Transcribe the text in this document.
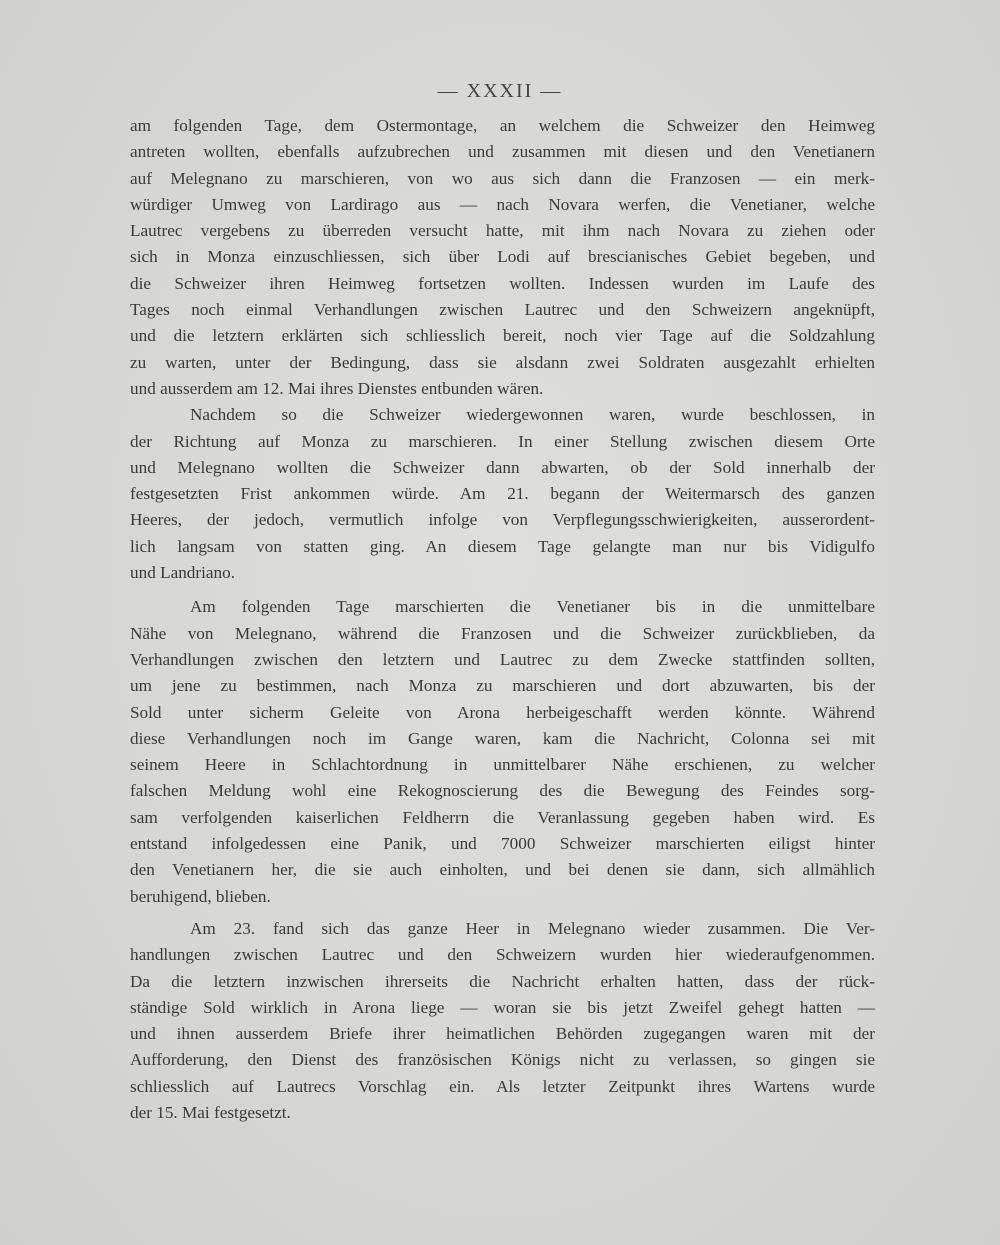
— XXXII —
am folgenden Tage, dem Ostermontage, an welchem die Schweizer den Heimweg
antreten wollten, ebenfalls aufzubrechen und zusammen mit diesen und den Venetianern
auf Melegnano zu marschieren, von wo aus sich dann die Franzosen — ein merk-
würdiger Umweg von Lardirago aus — nach Novara werfen, die Venetianer, welche
Lautrec vergebens zu überreden versucht hatte, mit ihm nach Novara zu ziehen oder
sich in Monza einzuschliessen, sich über Lodi auf brescianisches Gebiet begeben, und
die Schweizer ihren Heimweg fortsetzen wollten. Indessen wurden im Laufe des
Tages noch einmal Verhandlungen zwischen Lautrec und den Schweizern angeknüpft,
und die letztern erklärten sich schliesslich bereit, noch vier Tage auf die Soldzahlung
zu warten, unter der Bedingung, dass sie alsdann zwei Soldraten ausgezahlt erhielten
und ausserdem am 12. Mai ihres Dienstes entbunden wären.
Nachdem so die Schweizer wiedergewonnen waren, wurde beschlossen, in
der Richtung auf Monza zu marschieren. In einer Stellung zwischen diesem Orte
und Melegnano wollten die Schweizer dann abwarten, ob der Sold innerhalb der
festgesetzten Frist ankommen würde. Am 21. begann der Weitermarsch des ganzen
Heeres, der jedoch, vermutlich infolge von Verpflegungsschwierigkeiten, ausserordent-
lich langsam von statten ging. An diesem Tage gelangte man nur bis Vidigulfo
und Landriano.
Am folgenden Tage marschierten die Venetianer bis in die unmittelbare
Nähe von Melegnano, während die Franzosen und die Schweizer zurückblieben, da
Verhandlungen zwischen den letztern und Lautrec zu dem Zwecke stattfinden sollten,
um jene zu bestimmen, nach Monza zu marschieren und dort abzuwarten, bis der
Sold unter sicherm Geleite von Arona herbeigeschafft werden könnte. Während
diese Verhandlungen noch im Gange waren, kam die Nachricht, Colonna sei mit
seinem Heere in Schlachtordnung in unmittelbarer Nähe erschienen, zu welcher
falschen Meldung wohl eine Rekognoscierung des die Bewegung des Feindes sorg-
sam verfolgenden kaiserlichen Feldherrn die Veranlassung gegeben haben wird. Es
entstand infolgedessen eine Panik, und 7000 Schweizer marschierten eiligst hinter
den Venetianern her, die sie auch einholten, und bei denen sie dann, sich allmählich
beruhigend, blieben.
Am 23. fand sich das ganze Heer in Melegnano wieder zusammen. Die Ver-
handlungen zwischen Lautrec und den Schweizern wurden hier wiederaufgenommen.
Da die letztern inzwischen ihrerseits die Nachricht erhalten hatten, dass der rück-
ständige Sold wirklich in Arona liege — woran sie bis jetzt Zweifel gehegt hatten —
und ihnen ausserdem Briefe ihrer heimatlichen Behörden zugegangen waren mit der
Aufforderung, den Dienst des französischen Königs nicht zu verlassen, so gingen sie
schliesslich auf Lautrecs Vorschlag ein. Als letzter Zeitpunkt ihres Wartens wurde
der 15. Mai festgesetzt.
